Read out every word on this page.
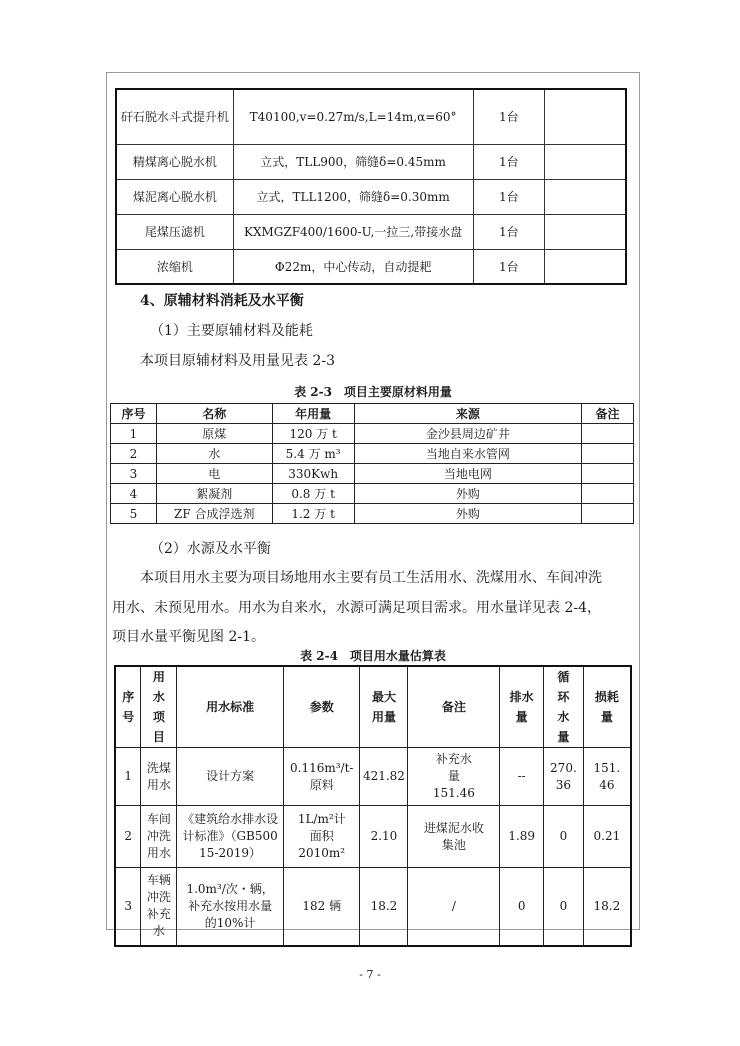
矸石脱水斗式提升机	T40100,v=0.27m/s,L=14m,α=60°	1台	
精煤离心脱水机	立式，TLL900，筛缝δ=0.45mm	1台	
煤泥离心脱水机	立式，TLL1200，筛缝δ=0.30mm	1台	
尾煤压滤机	KXMGZF400/1600-U,一拉三,带接水盘	1台	
浓缩机	Φ22m，中心传动，自动提耙	1台	
4、原辅材料消耗及水平衡
（1）主要原辅材料及能耗
本项目原辅材料及用量见表 2-3
表 2-3　项目主要原材料用量
序号	名称	年用量	来源	备注
1	原煤	120 万 t	金沙县周边矿井	
2	水	5.4 万 m³	当地自来水管网	
3	电	330Kwh	当地电网	
4	絮凝剂	0.8 万 t	外购	
5	ZF 合成浮选剂	1.2 万 t	外购	
（2）水源及水平衡
本项目用水主要为项目场地用水主要有员工生活用水、洗煤用水、车间冲洗
用水、未预见用水。用水为自来水，水源可满足项目需求。用水量详见表 2-4，
项目水量平衡见图 2-1。
表 2-4　项目用水量估算表
序号	用水项目	用水标准	参数	最大用量	备注	排水量	循环水量	损耗量
1	洗煤用水	设计方案	0.116m³/t-原料	421.82	补充水量151.46	--	270.36	151.46
2	车间冲洗用水	《建筑给水排水设计标准》（GB50015-2019）	1L/m²计面积2010m²	2.10	进煤泥水收集池	1.89	0	0.21
3	车辆冲洗补充水	1.0m³/次・辆，补充水按用水量的10%计	182 辆	18.2	/	0	0	18.2
- 7 -
